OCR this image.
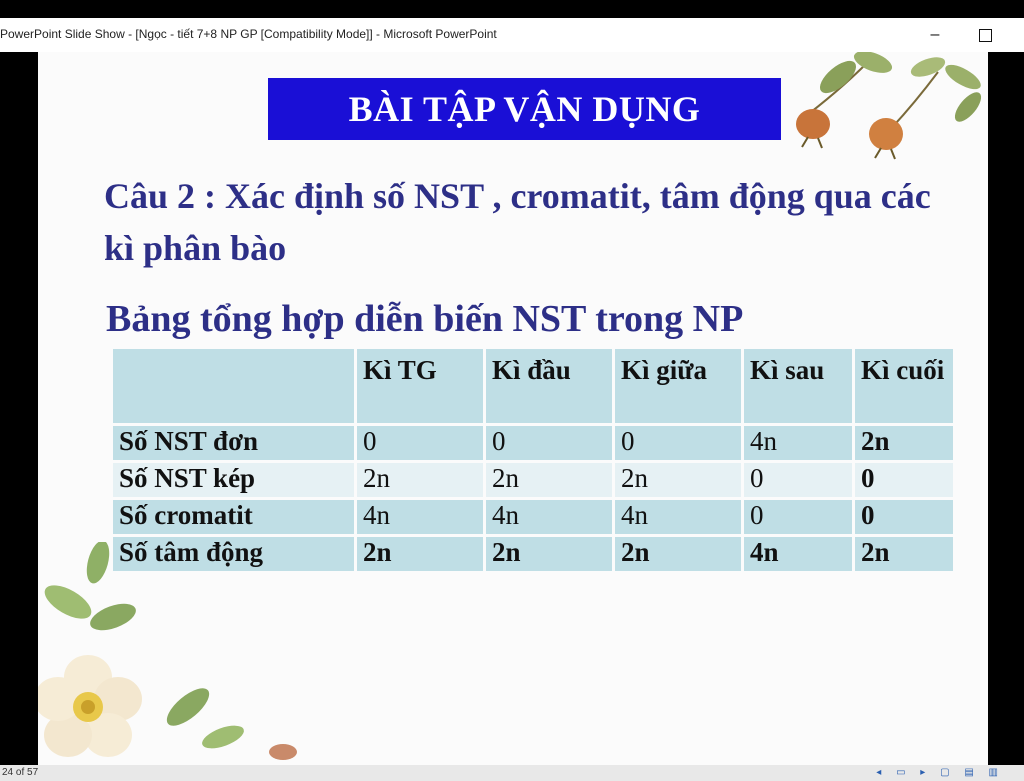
PowerPoint Slide Show - [Ngọc - tiết 7+8 NP GP [Compatibility Mode]] - Microsoft PowerPoint	–
BÀI TẬP VẬN DỤNG
Câu 2 : Xác định số NST , cromatit, tâm động qua các kì phân bào
Bảng tổng hợp diễn biến NST trong NP
	Kì TG	Kì đầu	Kì giữa	Kì sau	Kì cuối
Số NST đơn	0	0	0	4n	2n
Số NST kép	2n	2n	2n	0	0
Số cromatit	4n	4n	4n	0	0
Số tâm động	2n	2n	2n	4n	2n
24 of 57	◂ ▭ ▸ ▢ ▤ ▥
